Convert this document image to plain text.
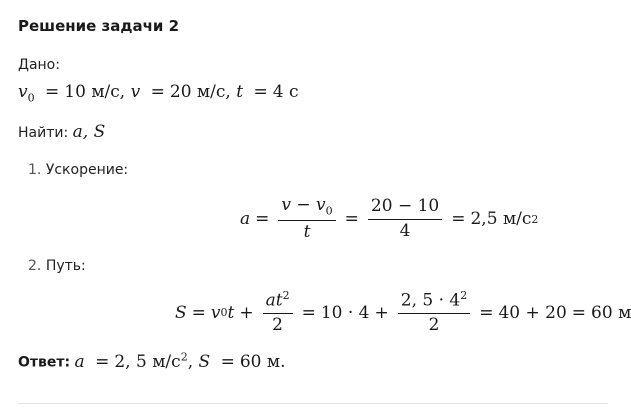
Решение задачи 2
Дано:
$v_0 = 10$ м/с, v = 20 м/с, t = 4 с
Найти: a, S
1. Ускорение:
$a = \frac{v - v_0}{t} = \frac{20 - 10}{4} = 2,5$
м/с 2
2. Путь:
S = v 0 $t + \frac{at^2}{2} = 10 \cdot 4 + \frac{2, 5 \cdot 4^2}{2} = 40 + 20 = 60$
м
Ответ: a = 2, 5 $м/с^2$, S = 60 м.
